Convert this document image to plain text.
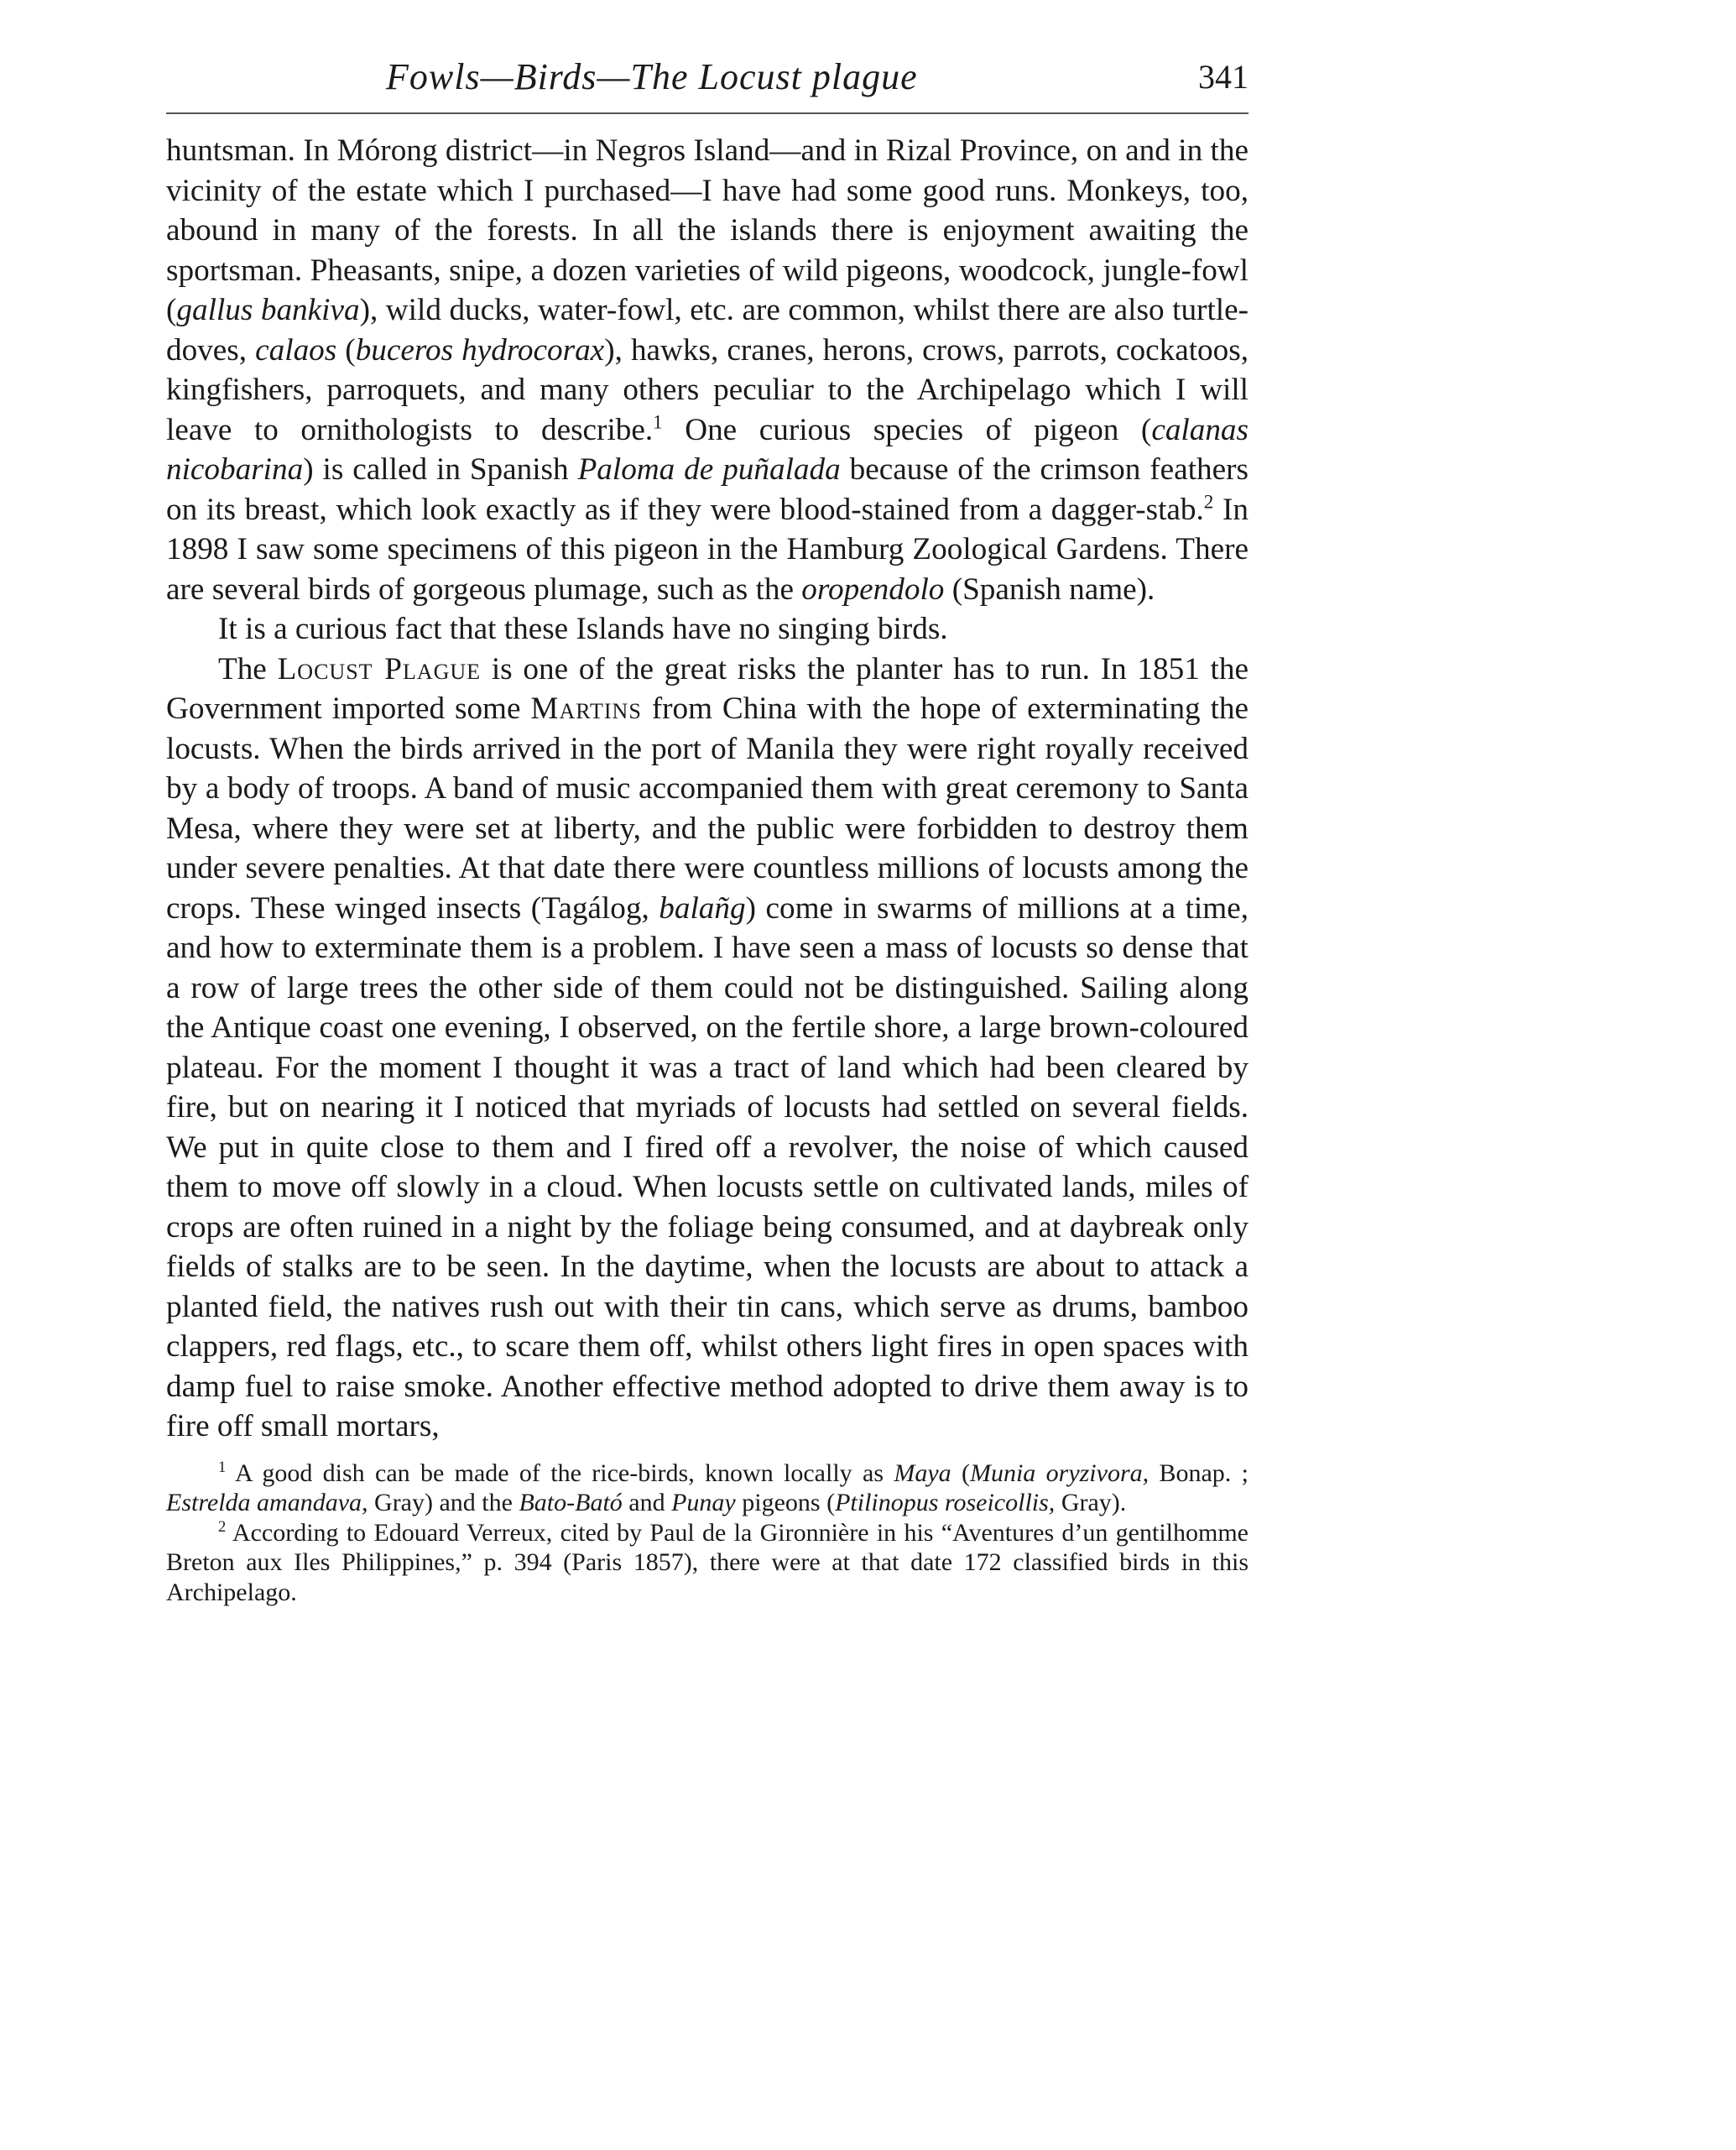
Fowls—Birds—The Locust plague	341

huntsman. In Mórong district—in Negros Island—and in Rizal Province, on and in the vicinity of the estate which I purchased—I have had some good runs. Monkeys, too, abound in many of the forests. In all the islands there is enjoyment awaiting the sportsman. Pheasants, snipe, a dozen varieties of wild pigeons, woodcock, jungle-fowl (gallus bankiva), wild ducks, water-fowl, etc. are common, whilst there are also turtle-doves, calaos (buceros hydrocorax), hawks, cranes, herons, crows, parrots, cockatoos, kingfishers, parroquets, and many others peculiar to the Archipelago which I will leave to ornithologists to describe.$^1$ One curious species of pigeon (calanas nicobarina) is called in Spanish Paloma de puñalada because of the crimson feathers on its breast, which look exactly as if they were blood-stained from a dagger-stab.$^2$ In 1898 I saw some specimens of this pigeon in the Hamburg Zoological Gardens. There are several birds of gorgeous plumage, such as the oropendolo (Spanish name).

It is a curious fact that these Islands have no singing birds.

The Locust Plague is one of the great risks the planter has to run. In 1851 the Government imported some Martins from China with the hope of exterminating the locusts. When the birds arrived in the port of Manila they were right royally received by a body of troops. A band of music accompanied them with great ceremony to Santa Mesa, where they were set at liberty, and the public were forbidden to destroy them under severe penalties. At that date there were countless millions of locusts among the crops. These winged insects (Tagálog, balañg) come in swarms of millions at a time, and how to exterminate them is a problem. I have seen a mass of locusts so dense that a row of large trees the other side of them could not be distinguished. Sailing along the Antique coast one evening, I observed, on the fertile shore, a large brown-coloured plateau. For the moment I thought it was a tract of land which had been cleared by fire, but on nearing it I noticed that myriads of locusts had settled on several fields. We put in quite close to them and I fired off a revolver, the noise of which caused them to move off slowly in a cloud. When locusts settle on cultivated lands, miles of crops are often ruined in a night by the foliage being consumed, and at daybreak only fields of stalks are to be seen. In the daytime, when the locusts are about to attack a planted field, the natives rush out with their tin cans, which serve as drums, bamboo clappers, red flags, etc., to scare them off, whilst others light fires in open spaces with damp fuel to raise smoke. Another effective method adopted to drive them away is to fire off small mortars,

$^1$ A good dish can be made of the rice-birds, known locally as Maya (Munia oryzivora, Bonap. ; Estrelda amandava, Gray) and the Bato-Bató and Punay pigeons (Ptilinopus roseicollis, Gray).

$^2$ According to Edouard Verreux, cited by Paul de la Gironnière in his “Aventures d’un gentilhomme Breton aux Iles Philippines,” p. 394 (Paris 1857), there were at that date 172 classified birds in this Archipelago.
